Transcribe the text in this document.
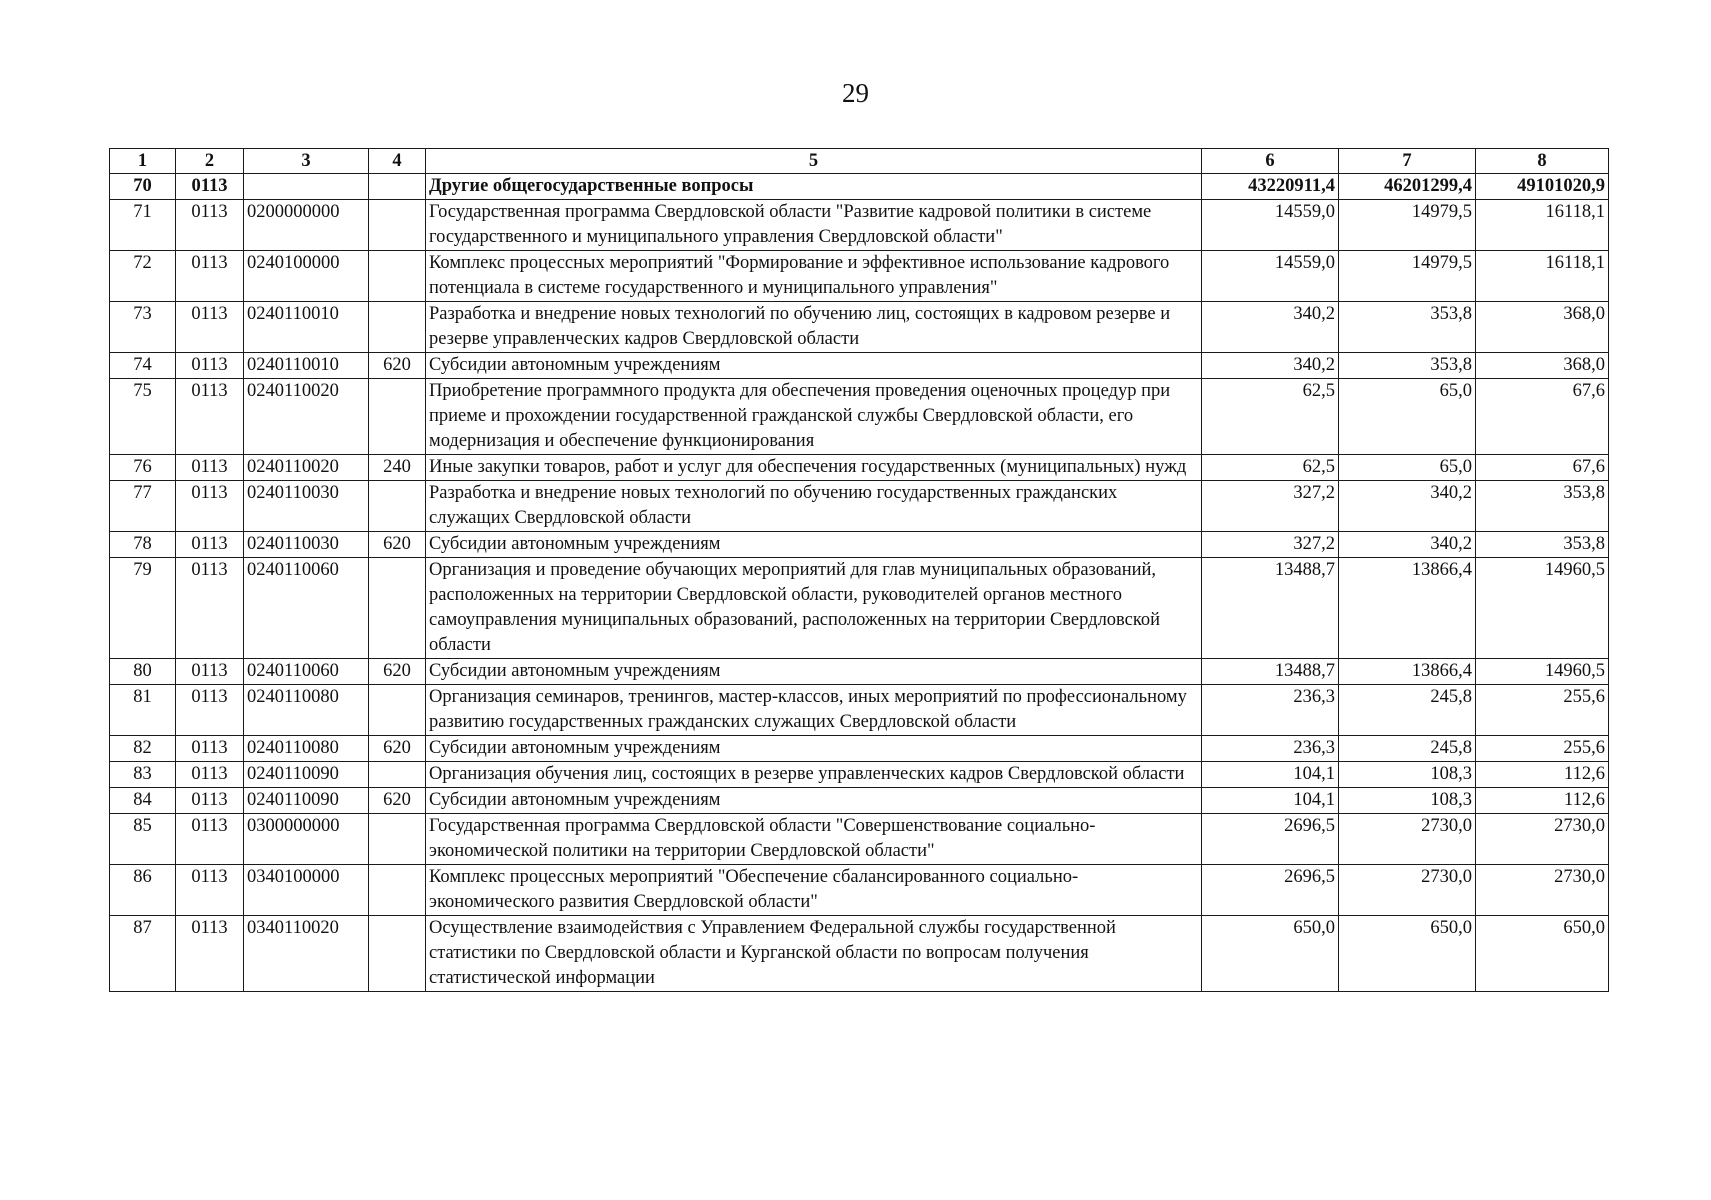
29
1	2	3	4	5	6	7	8
70	0113			Другие общегосударственные вопросы	43220911,4	46201299,4	49101020,9
71	0113	0200000000		Государственная программа Свердловской области "Развитие кадровой политики в системе государственного и муниципального управления Свердловской области"	14559,0	14979,5	16118,1
72	0113	0240100000		Комплекс процессных мероприятий "Формирование и эффективное использование кадрового потенциала в системе государственного и муниципального управления"	14559,0	14979,5	16118,1
73	0113	0240110010		Разработка и внедрение новых технологий по обучению лиц, состоящих в кадровом резерве и резерве управленческих кадров Свердловской области	340,2	353,8	368,0
74	0113	0240110010	620	Субсидии автономным учреждениям	340,2	353,8	368,0
75	0113	0240110020		Приобретение программного продукта для обеспечения проведения оценочных процедур при приеме и прохождении государственной гражданской службы Свердловской области, его модернизация и обеспечение функционирования	62,5	65,0	67,6
76	0113	0240110020	240	Иные закупки товаров, работ и услуг для обеспечения государственных (муниципальных) нужд	62,5	65,0	67,6
77	0113	0240110030		Разработка и внедрение новых технологий по обучению государственных гражданских служащих Свердловской области	327,2	340,2	353,8
78	0113	0240110030	620	Субсидии автономным учреждениям	327,2	340,2	353,8
79	0113	0240110060		Организация и проведение обучающих мероприятий для глав муниципальных образований, расположенных на территории Свердловской области, руководителей органов местного самоуправления муниципальных образований, расположенных на территории Свердловской области	13488,7	13866,4	14960,5
80	0113	0240110060	620	Субсидии автономным учреждениям	13488,7	13866,4	14960,5
81	0113	0240110080		Организация семинаров, тренингов, мастер-классов, иных мероприятий по профессиональному развитию государственных гражданских служащих Свердловской области	236,3	245,8	255,6
82	0113	0240110080	620	Субсидии автономным учреждениям	236,3	245,8	255,6
83	0113	0240110090		Организация обучения лиц, состоящих в резерве управленческих кадров Свердловской области	104,1	108,3	112,6
84	0113	0240110090	620	Субсидии автономным учреждениям	104,1	108,3	112,6
85	0113	0300000000		Государственная программа Свердловской области "Совершенствование социально-экономической политики на территории Свердловской области"	2696,5	2730,0	2730,0
86	0113	0340100000		Комплекс процессных мероприятий "Обеспечение сбалансированного социально-экономического развития Свердловской области"	2696,5	2730,0	2730,0
87	0113	0340110020		Осуществление взаимодействия с Управлением Федеральной службы государственной статистики по Свердловской области и Курганской области по вопросам получения статистической информации	650,0	650,0	650,0
